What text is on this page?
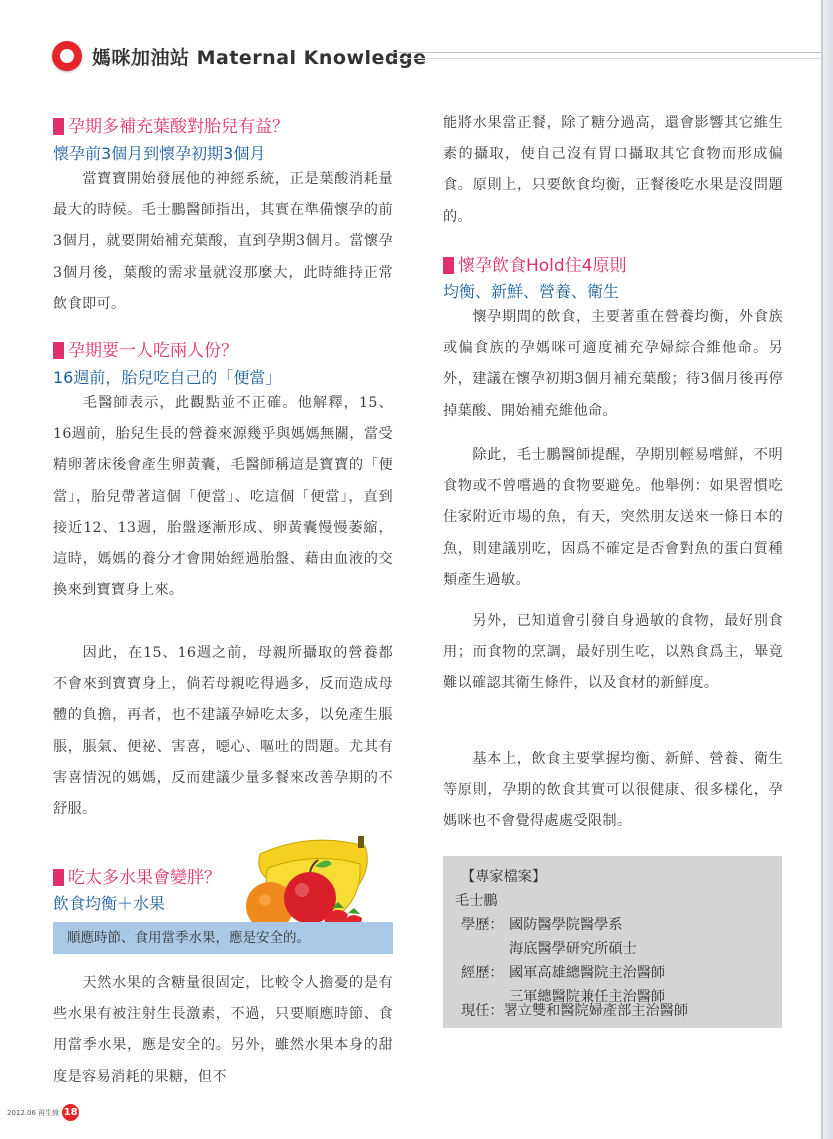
媽咪加油站 Maternal Knowledge
孕期多補充葉酸對胎兒有益？
懷孕前3個月到懷孕初期3個月
當寶寶開始發展他的神經系統，正是葉酸消耗量最大的時候。毛士鵬醫師指出，其實在準備懷孕的前3個月，就要開始補充葉酸，直到孕期3個月。當懷孕3個月後，葉酸的需求量就沒那麼大，此時維持正常飲食即可。
孕期要一人吃兩人份？
16週前，胎兒吃自己的「便當」
毛醫師表示，此觀點並不正確。他解釋，15、16週前，胎兒生長的營養來源幾乎與媽媽無關，當受精卵著床後會產生卵黃囊，毛醫師稱這是寶寶的「便當」，胎兒帶著這個「便當」、吃這個「便當」，直到接近12、13週，胎盤逐漸形成、卵黃囊慢慢萎縮，這時，媽媽的養分才會開始經過胎盤、藉由血液的交換來到寶寶身上來。
因此，在15、16週之前，母親所攝取的營養都不會來到寶寶身上，倘若母親吃得過多，反而造成母體的負擔，再者，也不建議孕婦吃太多，以免產生脹脹，脹氣、便祕、害喜，噁心、嘔吐的問題。尤其有害喜情況的媽媽，反而建議少量多餐來改善孕期的不舒服。
吃太多水果會變胖？
飲食均衡＋水果
順應時節、食用當季水果，應是安全的。
天然水果的含糖量很固定，比較令人擔憂的是有些水果有被注射生長激素，不過，只要順應時節、食用當季水果，應是安全的。另外，雖然水果本身的甜度是容易消耗的果糖，但不
能將水果當正餐，除了糖分過高，還會影響其它維生素的攝取，使自己沒有胃口攝取其它食物而形成偏食。原則上，只要飲食均衡，正餐後吃水果是沒問題的。
懷孕飲食Hold住4原則
均衡、新鮮、營養、衛生
懷孕期間的飲食，主要著重在營養均衡，外食族或偏食族的孕媽咪可適度補充孕婦綜合維他命。另外，建議在懷孕初期3個月補充葉酸；待3個月後再停掉葉酸、開始補充維他命。
除此，毛士鵬醫師提醒，孕期別輕易嚐鮮，不明食物或不曾嚐過的食物要避免。他舉例：如果習慣吃住家附近市場的魚，有天，突然朋友送來一條日本的魚，則建議別吃，因爲不確定是否會對魚的蛋白質種類產生過敏。
另外，已知道會引發自身過敏的食物，最好別食用；而食物的烹調，最好別生吃，以熟食爲主，畢竟難以確認其衛生條件，以及食材的新鮮度。
基本上，飲食主要掌握均衡、新鮮、營養、衛生等原則，孕期的飲食其實可以很健康、很多樣化，孕媽咪也不會覺得處處受限制。
【專家檔案】
毛士鵬
學歷： 國防醫學院醫學系
海底醫學研究所碩士
經歷： 國軍高雄總醫院主治醫師
三軍總醫院兼任主治醫師
現任：署立雙和醫院婦產部主治醫師
2012.06 再生緣 18
